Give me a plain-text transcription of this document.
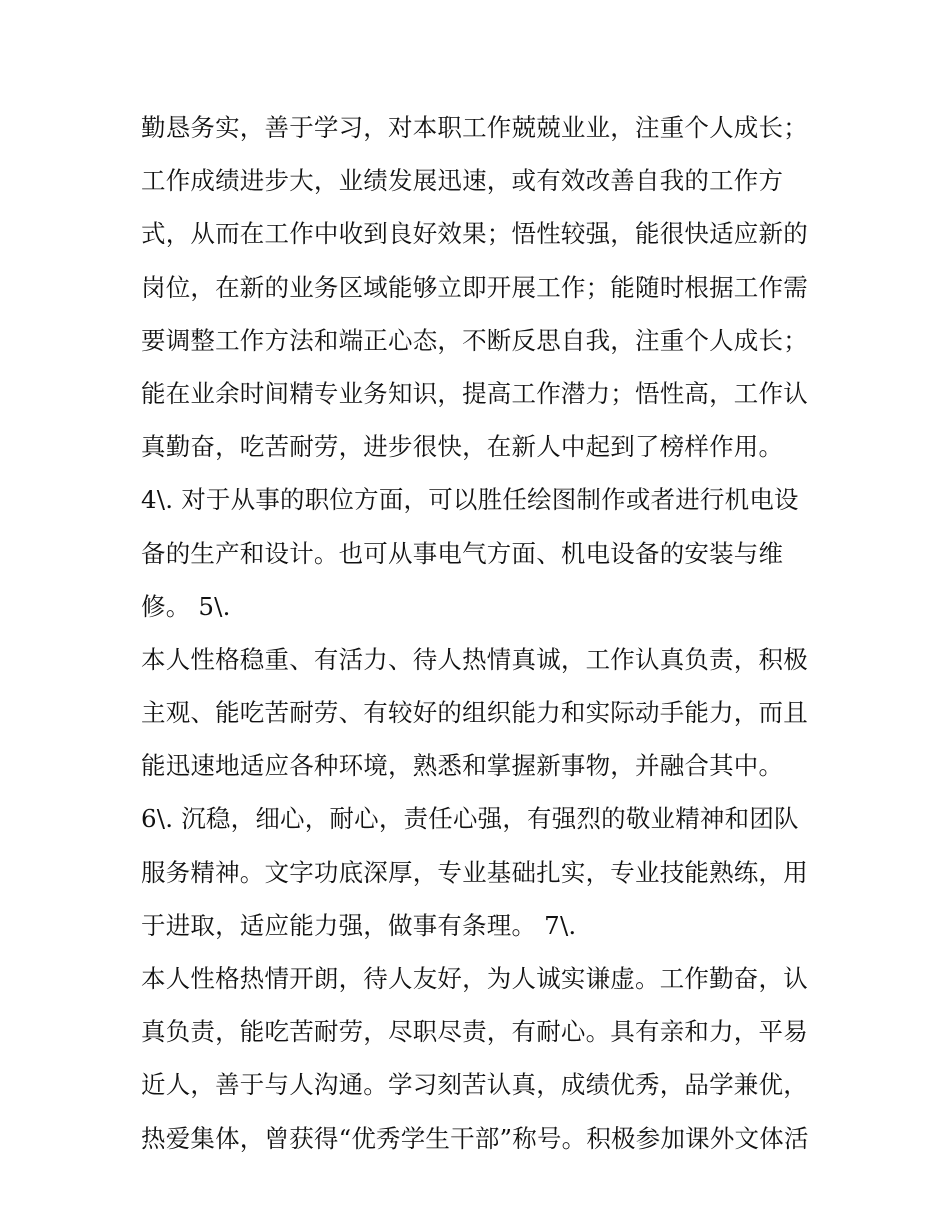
勤恳务实，善于学习，对本职工作兢兢业业，注重个人成长；
工作成绩进步大，业绩发展迅速，或有效改善自我的工作方
式，从而在工作中收到良好效果；悟性较强，能很快适应新的
岗位，在新的业务区域能够立即开展工作；能随时根据工作需
要调整工作方法和端正心态，不断反思自我，注重个人成长；
能在业余时间精专业务知识，提高工作潜力；悟性高，工作认
真勤奋，吃苦耐劳，进步很快，在新人中起到了榜样作用。
4\. 对于从事的职位方面，可以胜任绘图制作或者进行机电设
备的生产和设计。也可从事电气方面、机电设备的安装与维
修。 5\.
本人性格稳重、有活力、待人热情真诚，工作认真负责，积极
主观、能吃苦耐劳、有较好的组织能力和实际动手能力，而且
能迅速地适应各种环境，熟悉和掌握新事物，并融合其中。
6\. 沉稳，细心，耐心，责任心强，有强烈的敬业精神和团队
服务精神。文字功底深厚，专业基础扎实，专业技能熟练，用
于进取，适应能力强，做事有条理。 7\.
本人性格热情开朗，待人友好，为人诚实谦虚。工作勤奋，认
真负责，能吃苦耐劳，尽职尽责，有耐心。具有亲和力，平易
近人，善于与人沟通。学习刻苦认真，成绩优秀，品学兼优，
热爱集体，曾获得“优秀学生干部”称号。积极参加课外文体活
